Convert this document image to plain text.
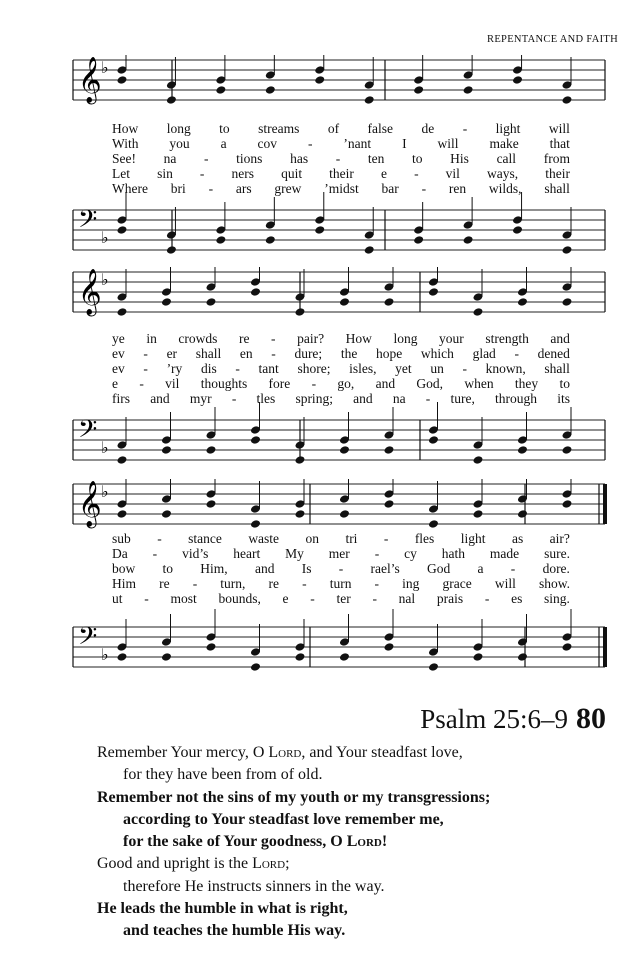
REPENTANCE AND FAITH
𝄞 ♭
𝄢 ♭
How long to streams of false de - light will
With you a cov - ’nant I will make that
See! na - tions has - ten to His call from
Let sin - ners quit their e - vil ways, their
Where bri - ars grew ’midst bar - ren wilds, shall
𝄞 ♭
𝄢 ♭
ye in crowds re - pair? How long your strength and
ev - er shall en - dure; the hope which glad - dened
ev - ’ry dis - tant shore; isles, yet un - known, shall
e - vil thoughts fore - go, and God, when they to
firs and myr - tles spring; and na - ture, through its
𝄞 ♭
𝄢 ♭
sub - stance waste on tri - fles light as air?
Da - vid’s heart My mer - cy hath made sure.
bow to Him, and Is - rael’s God a - dore.
Him re - turn, re - turn - ing grace will show.
ut - most bounds, e - ter - nal prais - es sing.
Psalm 25:6–9 80
Remember Your mercy, O Lord, and Your steadfast love,
for they have been from of old.
Remember not the sins of my youth or my transgressions;
according to Your steadfast love remember me,
for the sake of Your goodness, O Lord!
Good and upright is the Lord;
therefore He instructs sinners in the way.
He leads the humble in what is right,
and teaches the humble His way.
